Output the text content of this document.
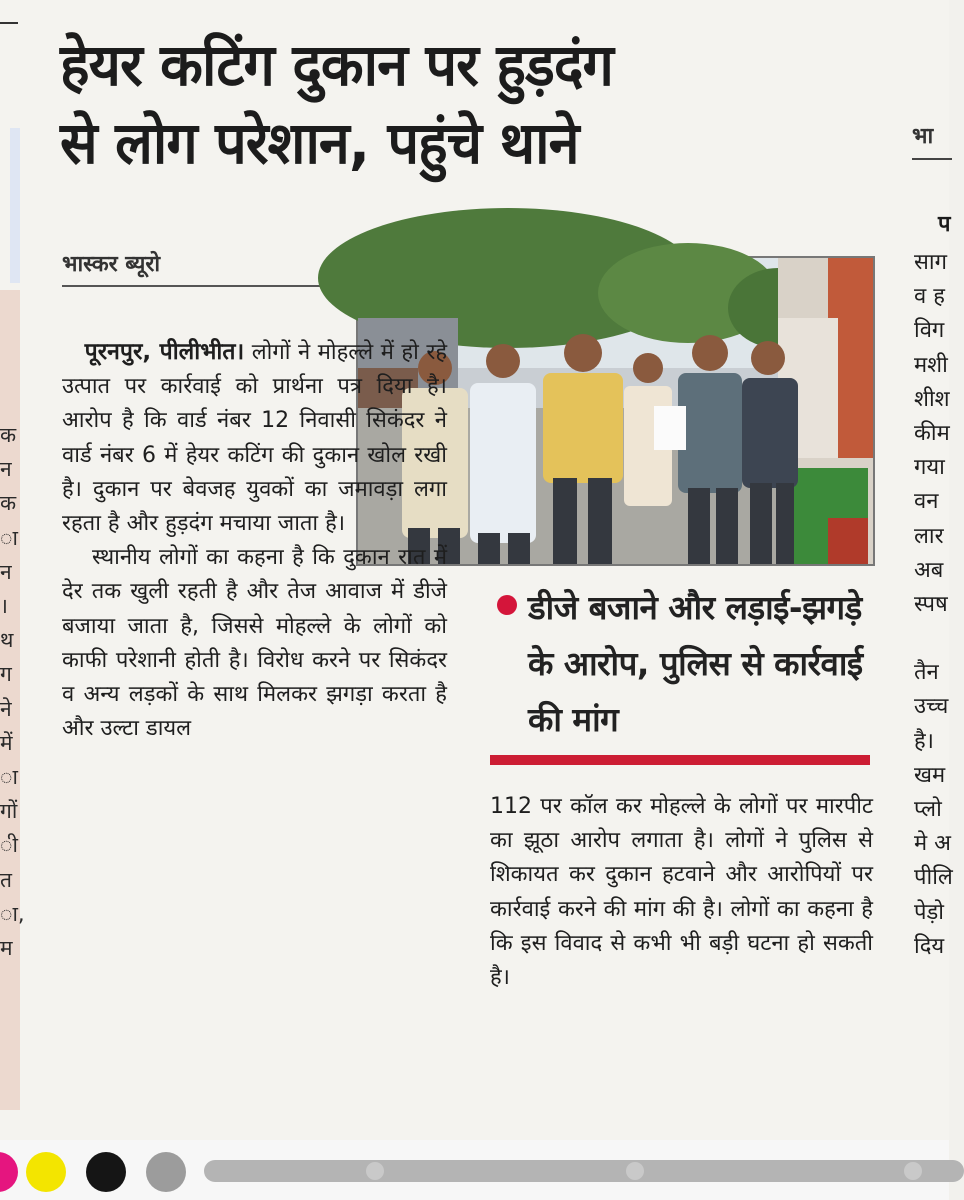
क
न
क
ा
न
।
थ
ग
ने
में
ा
गों
ी
त
ा,
म
हेयर कटिंग दुकान पर हुड़दंग
से लोग परेशान, पहुंचे थाने
भास्कर ब्यूरो

पूरनपुर, पीलीभीत। लोगों ने मोहल्ले में हो रहे उत्पात पर कार्रवाई को प्रार्थना पत्र दिया है। आरोप है कि वार्ड नंबर 12 निवासी सिकंदर ने वार्ड नंबर 6 में हेयर कटिंग की दुकान खोल रखी है। दुकान पर बेवजह युवकों का जमावड़ा लगा रहता है और हुड़दंग मचाया जाता है।

स्थानीय लोगों का कहना है कि दुकान रात में देर तक खुली रहती है और तेज आवाज में डीजे बजाया जाता है, जिससे मोहल्ले के लोगों को काफी परेशानी होती है। विरोध करने पर सिकंदर व अन्य लड़कों के साथ मिलकर झगड़ा करता है और उल्टा डायल

डीजे बजाने और लड़ाई-झगड़े के आरोप, पुलिस से कार्रवाई की मांग

112 पर कॉल कर मोहल्ले के लोगों पर मारपीट का झूठा आरोप लगाता है। लोगों ने पुलिस से शिकायत कर दुकान हटवाने और आरोपियों पर कार्रवाई करने की मांग की है। लोगों का कहना है कि इस विवाद से कभी भी बड़ी घटना हो सकती है।

भा
प
साग
व ह
विग
मशी
शीश
कीम
गया
वन
लार
अब
स्पष
तैन
उच्च
है।
खम
प्लो
मे अ
पीलि
पेड़ो
दिय
